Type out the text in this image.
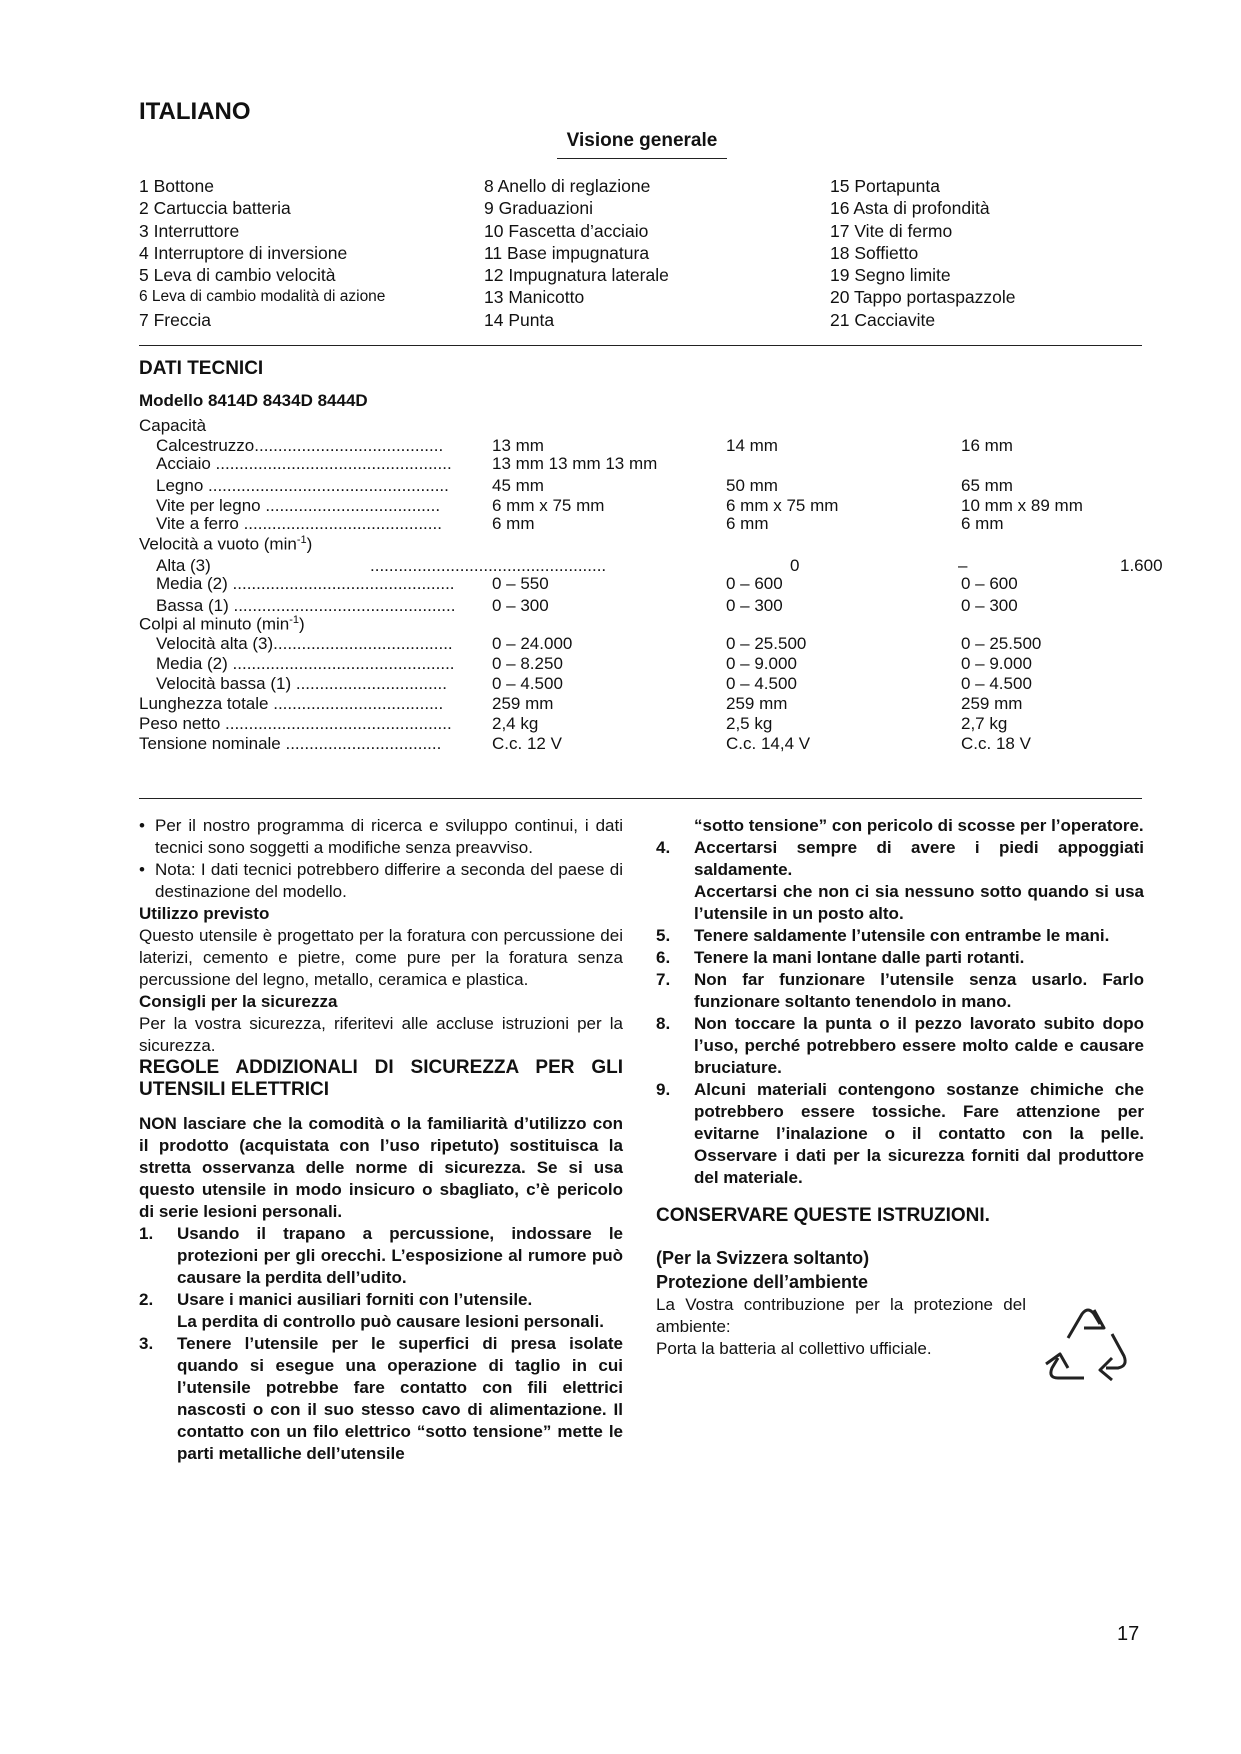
ITALIANO
Visione generale
1 Bottone
2 Cartuccia batteria
3 Interruttore
4 Interruptore di inversione
5 Leva di cambio velocità
6 Leva di cambio modalità di azione
7 Freccia
8 Anello di reglazione
9 Graduazioni
10 Fascetta d’acciaio
11 Base impugnatura
12 Impugnatura laterale
13 Manicotto
14 Punta
15 Portapunta
16 Asta di profondità
17 Vite di fermo
18 Soffietto
19 Segno limite
20 Tappo portaspazzole
21 Cacciavite
DATI TECNICI
Modello 8414D 8434D 8444D
Capacità
Calcestruzzo........................................	13 mm	14 mm	16 mm
Acciaio .................................................. 13 mm 13 mm 13 mm
Legno ...................................................	45 mm	50 mm	65 mm
Vite per legno .....................................	6 mm x 75 mm	6 mm x 75 mm	10 mm x 89 mm
Vite a ferro ..........................................	6 mm	6 mm	6 mm
Velocità a vuoto $(\min^{-1})$
Alta (3)	..................................................	0	–	1.600
Media (2) ............................................... 0 – 550	0 – 600	0 – 600
Bassa (1) ............................................... 0 – 300	0 – 300	0 – 300
Colpi al minuto $(\min^{-1})$
Velocità alta (3)...................................... 0 – 24.000	0 – 25.500	0 – 25.500
Media (2) ............................................... 0 – 8.250	0 – 9.000	0 – 9.000
Velocità bassa (1) ................................	0 – 4.500	0 – 4.500	0 – 4.500
Lunghezza totale ....................................	259 mm	259 mm	259 mm
Peso netto ................................................ 2,4 kg	2,5 kg	2,7 kg
Tensione nominale .................................	C.c. 12 V	C.c. 14,4 V	C.c. 18 V

• Per il nostro programma di ricerca e sviluppo continui, i dati tecnici sono soggetti a modifiche senza preavviso.

• Nota: I dati tecnici potrebbero differire a seconda del paese di destinazione del modello.

Utilizzo previsto

Questo utensile è progettato per la foratura con percussione dei laterizi, cemento e pietre, come pure per la foratura senza percussione del legno, metallo, ceramica e plastica.

Consigli per la sicurezza

Per la vostra sicurezza, riferitevi alle accluse istruzioni per la sicurezza.

REGOLE ADDIZIONALI DI SICUREZZA PER GLI UTENSILI ELETTRICI

NON lasciare che la comodità o la familiarità d’utilizzo con il prodotto (acquistata con l’uso ripetuto) sostituisca la stretta osservanza delle norme di sicurezza. Se si usa questo utensile in modo insicuro o sbagliato, c’è pericolo di serie lesioni personali.

1. Usando il trapano a percussione, indossare le protezioni per gli orecchi. L’esposizione al rumore può causare la perdita dell’udito.
2. Usare i manici ausiliari forniti con l’utensile.
La perdita di controllo può causare lesioni personali.
3. Tenere l’utensile per le superfici di presa isolate quando si esegue una operazione di taglio in cui l’utensile potrebbe fare contatto con fili elettrici nascosti o con il suo stesso cavo di alimentazione. Il contatto con un filo elettrico “sotto tensione” mette le parti metalliche dell’utensile
“sotto tensione” con pericolo di scosse per l’operatore.
4. Accertarsi sempre di avere i piedi appoggiati saldamente.
Accertarsi che non ci sia nessuno sotto quando si usa l’utensile in un posto alto.
5. Tenere saldamente l’utensile con entrambe le mani.
6. Tenere la mani lontane dalle parti rotanti.
7. Non far funzionare l’utensile senza usarlo. Farlo funzionare soltanto tenendolo in mano.
8. Non toccare la punta o il pezzo lavorato subito dopo l’uso, perché potrebbero essere molto calde e causare bruciature.
9. Alcuni materiali contengono sostanze chimiche che potrebbero essere tossiche. Fare attenzione per evitarne l’inalazione o il contatto con la pelle. Osservare i dati per la sicurezza forniti dal produttore del materiale.

CONSERVARE QUESTE ISTRUZIONI.

(Per la Svizzera soltanto)
Protezione dell’ambiente
La Vostra contribuzione per la protezione del ambiente:
Porta la batteria al collettivo ufficiale.
17
